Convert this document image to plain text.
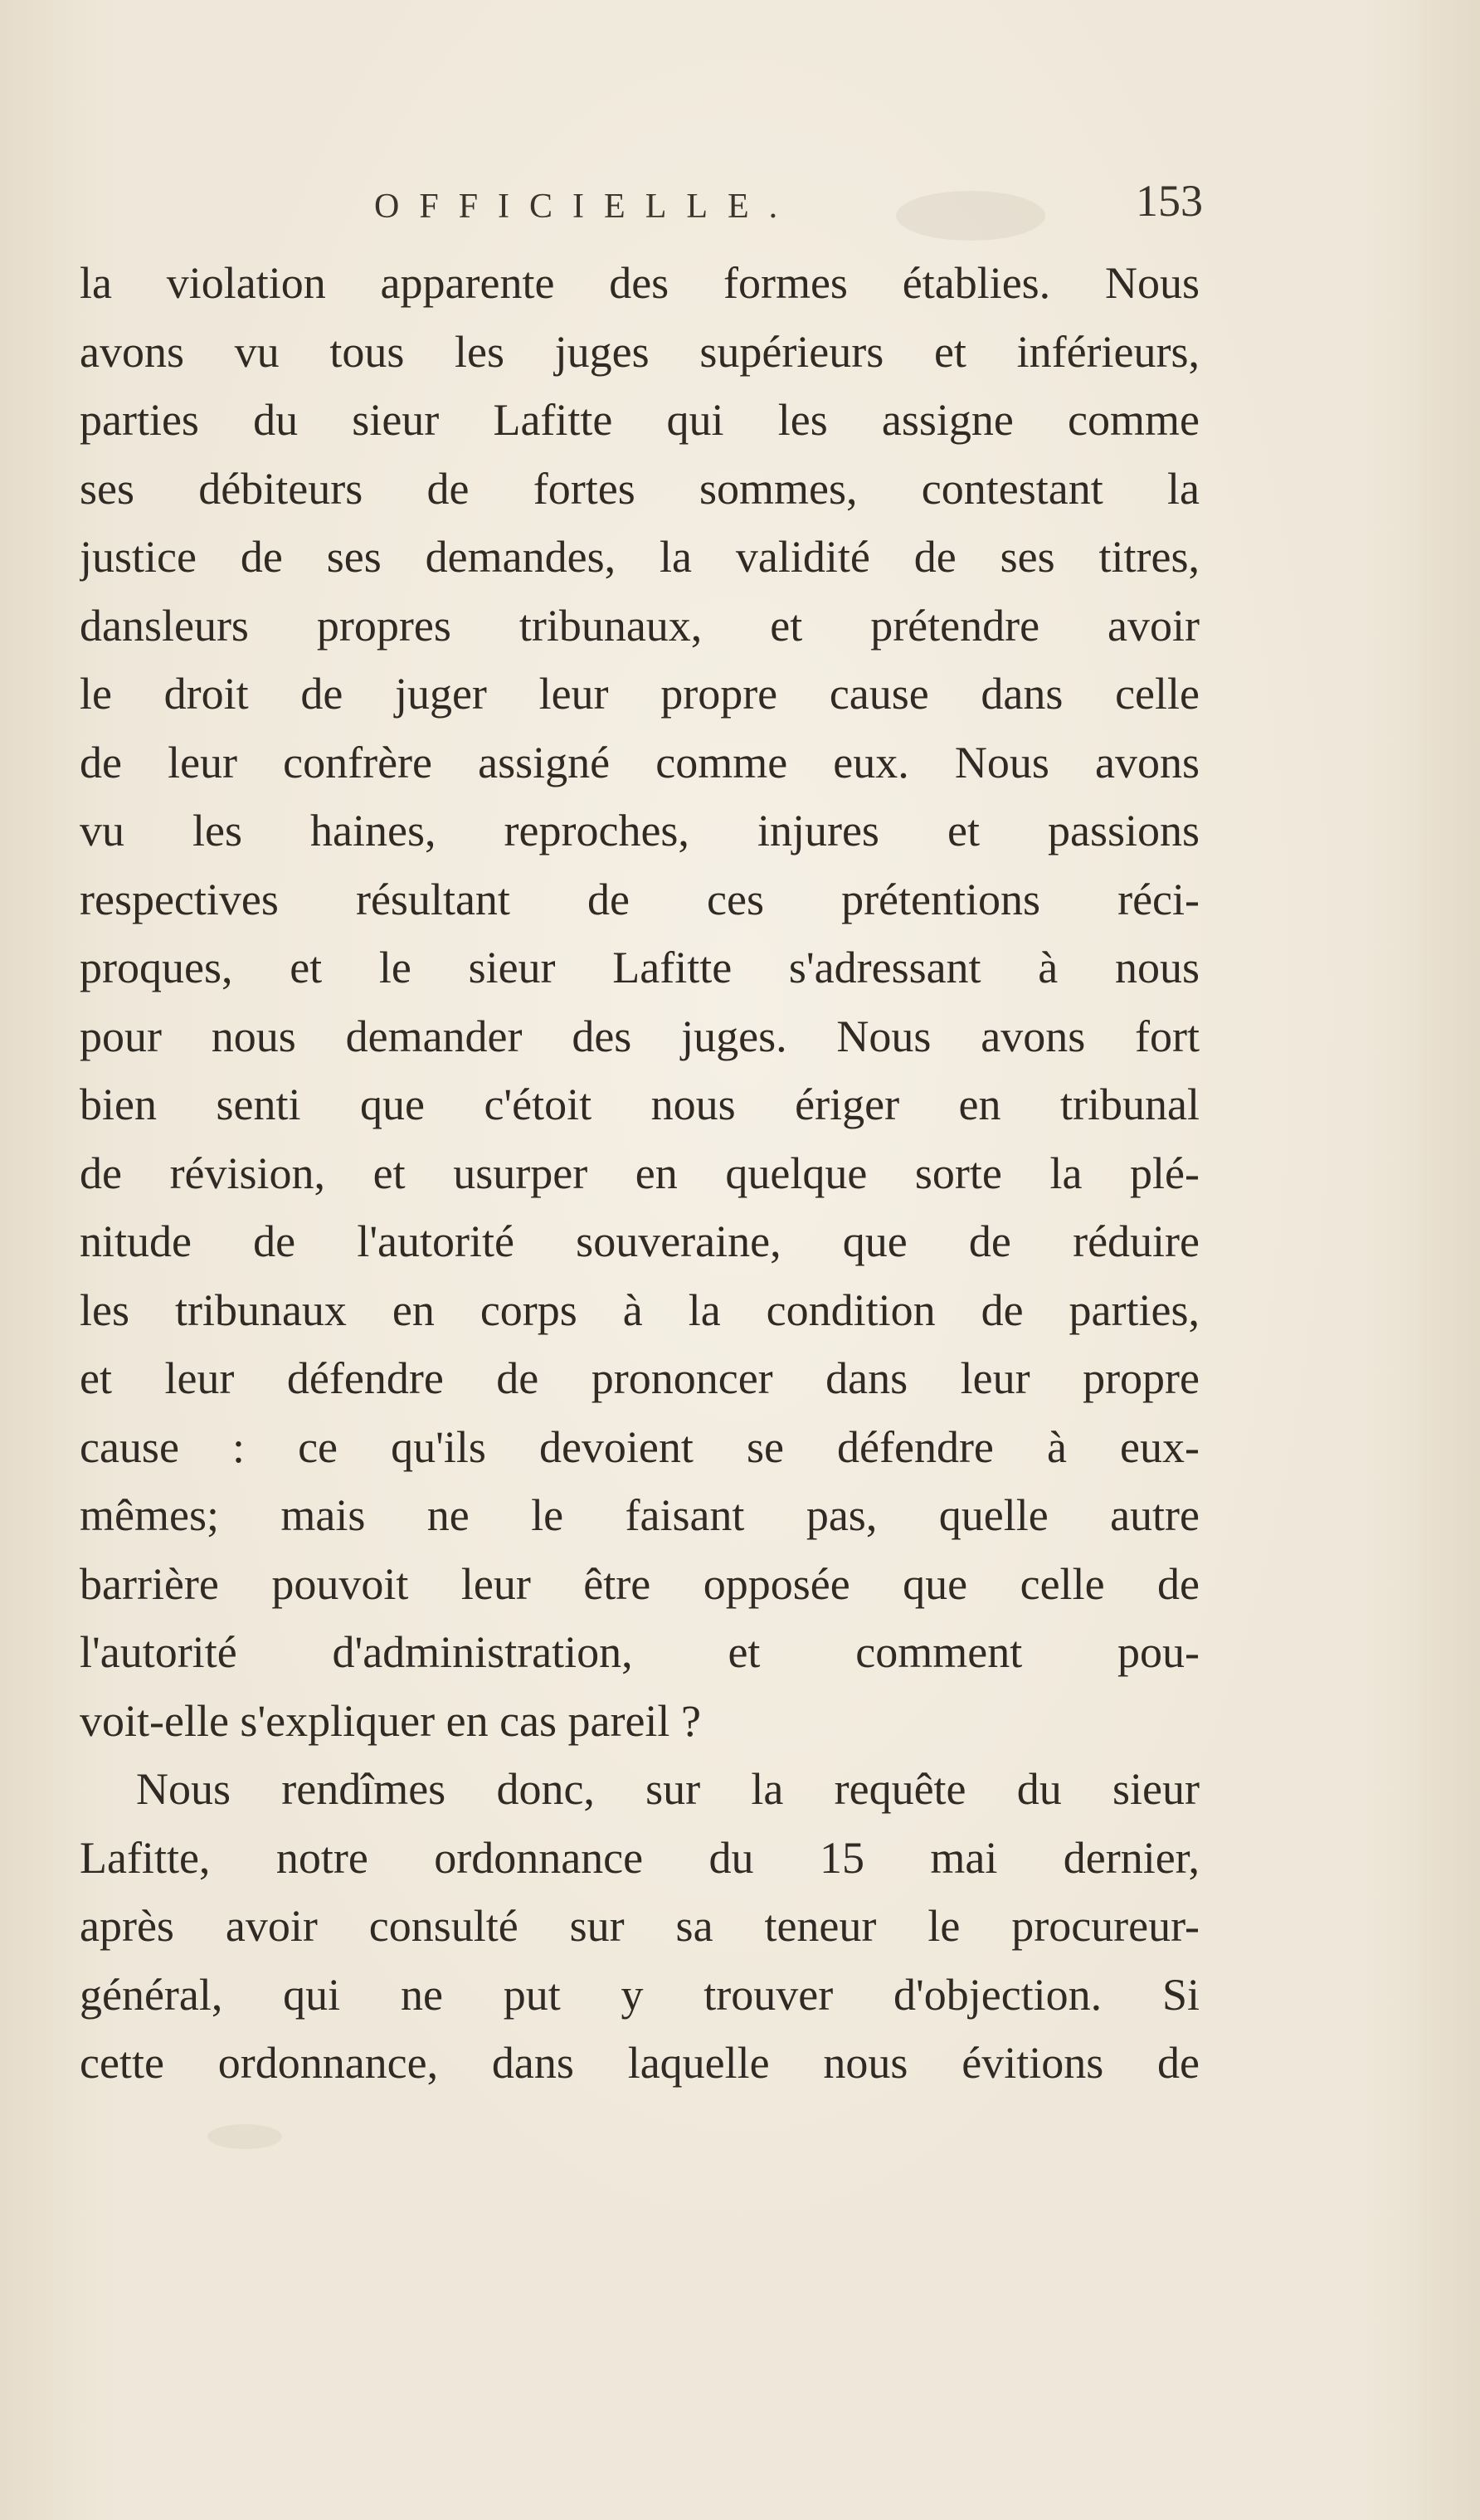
OFFICIELLE.	153
la violation apparente des formes établies. Nous
avons vu tous les juges supérieurs et inférieurs,
parties du sieur Lafitte qui les assigne comme
ses débiteurs de fortes sommes, contestant la
justice de ses demandes, la validité de ses titres,
dansleurs propres tribunaux, et prétendre avoir
le droit de juger leur propre cause dans celle
de leur confrère assigné comme eux. Nous avons
vu les haines, reproches, injures et passions
respectives résultant de ces prétentions réci-
proques, et le sieur Lafitte s'adressant à nous
pour nous demander des juges. Nous avons fort
bien senti que c'étoit nous ériger en tribunal
de révision, et usurper en quelque sorte la plé-
nitude de l'autorité souveraine, que de réduire
les tribunaux en corps à la condition de parties,
et leur défendre de prononcer dans leur propre
cause : ce qu'ils devoient se défendre à eux-
mêmes; mais ne le faisant pas, quelle autre
barrière pouvoit leur être opposée que celle de
l'autorité d'administration, et comment pou-
voit-elle s'expliquer en cas pareil ?
Nous rendîmes donc, sur la requête du sieur
Lafitte, notre ordonnance du 15 mai dernier,
après avoir consulté sur sa teneur le procureur-
général, qui ne put y trouver d'objection. Si
cette ordonnance, dans laquelle nous évitions de
